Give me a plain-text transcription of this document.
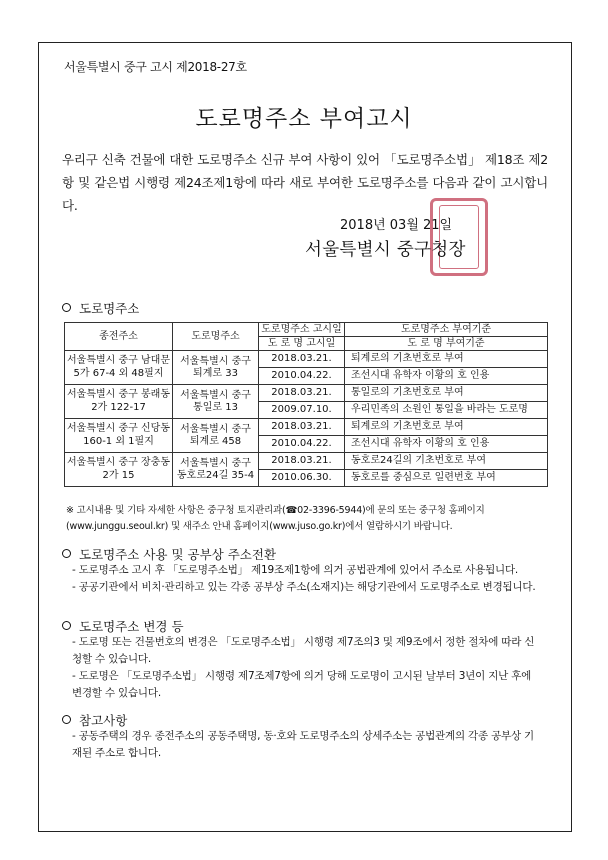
서울특별시 중구 고시 제2018-27호
도로명주소 부여고시
우리구 신축 건물에 대한 도로명주소 신규 부여 사항이 있어 「도로명주소법」 제18조 제2항 및 같은법 시행령 제24조제1항에 따라 새로 부여한 도로명주소를 다음과 같이 고시합니다.
2018년 03월 21일
서울특별시 중구청장
도로명주소
종전주소	도로명주소	도로명주소 고시일	도로명주소 부여기준
		도 로 명 고시일	도 로 명 부여기준
서울특별시 중구 남대문5가 67-4 외 48필지	서울특별시 중구 퇴계로 33	2018.03.21.	퇴계로의 기초번호로 부여
		2010.04.22.	조선시대 유학자 이황의 호 인용
서울특별시 중구 봉래동2가 122-17	서울특별시 중구 통일로 13	2018.03.21.	통일로의 기초번호로 부여
		2009.07.10.	우리민족의 소원인 통일을 바라는 도로명
서울특별시 중구 신당동 160-1 외 1필지	서울특별시 중구 퇴계로 458	2018.03.21.	퇴계로의 기초번호로 부여
		2010.04.22.	조선시대 유학자 이황의 호 인용
서울특별시 중구 장충동2가 15	서울특별시 중구 동호로24길 35-4	2018.03.21.	동호로24길의 기초번호로 부여
		2010.06.30.	동호로를 중심으로 일련번호 부여
※ 고시내용 및 기타 자세한 사항은 중구청 토지관리과(☎02-3396-5944)에 문의 또는 중구청 홈페이지 (www.junggu.seoul.kr) 및 새주소 안내 홈페이지(www.juso.go.kr)에서 열람하시기 바랍니다.
도로명주소 사용 및 공부상 주소전환

- 도로명주소 고시 후 「도로명주소법」 제19조제1항에 의거 공법관계에 있어서 주소로 사용됩니다.

- 공공기관에서 비치·관리하고 있는 각종 공부상 주소(소재지)는 해당기관에서 도로명주소로 변경됩니다.

도로명주소 변경 등

- 도로명 또는 건물번호의 변경은 「도로명주소법」 시행령 제7조의3 및 제9조에서 정한 절차에 따라 신청할 수 있습니다.

- 도로명은 「도로명주소법」 시행령 제7조제7항에 의거 당해 도로명이 고시된 날부터 3년이 지난 후에 변경할 수 있습니다.

참고사항

- 공동주택의 경우 종전주소의 공동주택명, 동·호와 도로명주소의 상세주소는 공법관계의 각종 공부상 기재된 주소로 합니다.
